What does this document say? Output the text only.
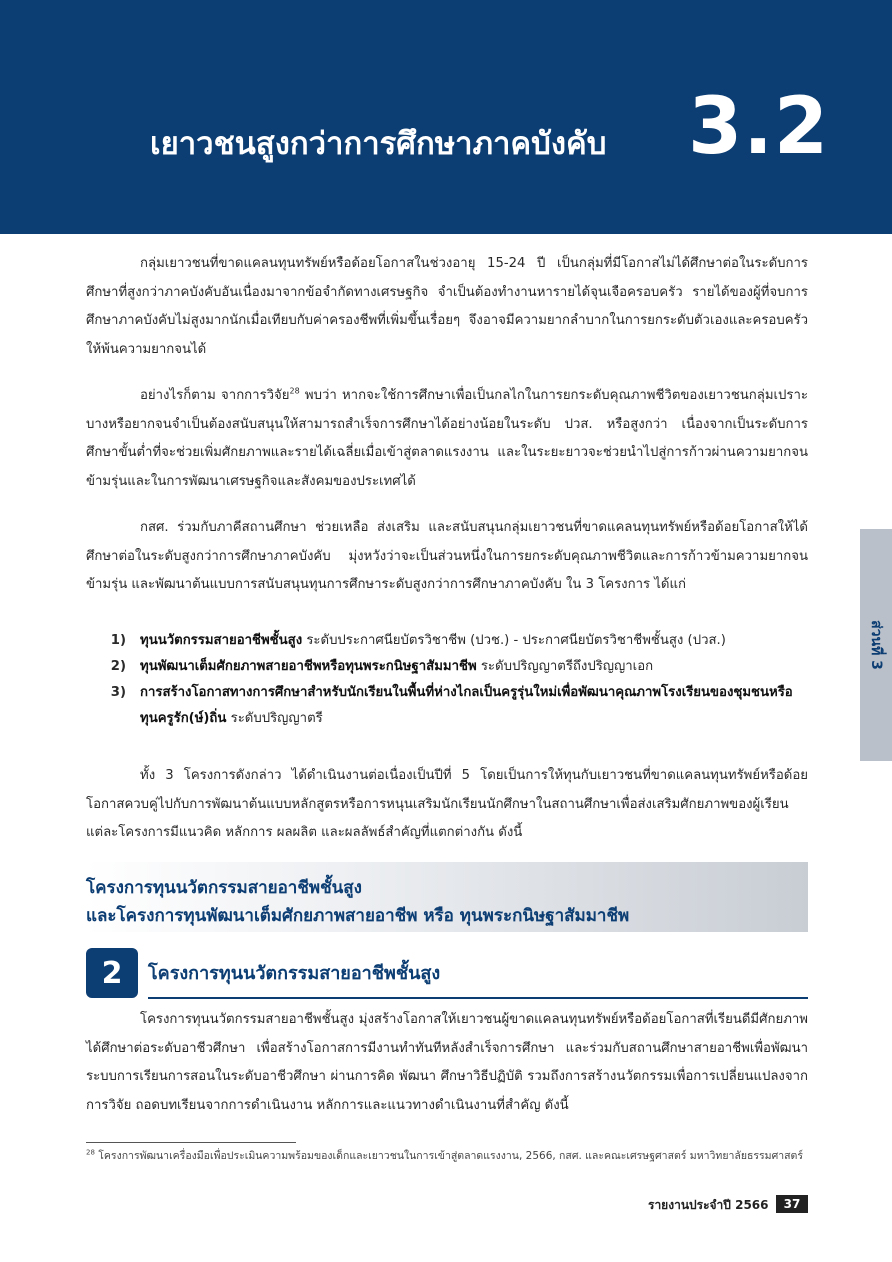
เยาวชนสูงกว่าการศึกษาภาคบังคับ 3.2
กลุ่มเยาวชนที่ขาดแคลนทุนทรัพย์หรือด้อยโอกาสในช่วงอายุ 15-24 ปี เป็นกลุ่มที่มีโอกาสไม่ได้ศึกษาต่อในระดับการศึกษาที่สูงกว่าภาคบังคับอันเนื่องมาจากข้อจำกัดทางเศรษฐกิจ จำเป็นต้องทำงานหารายได้จุนเจือครอบครัว รายได้ของผู้ที่จบการศึกษาภาคบังคับไม่สูงมากนักเมื่อเทียบกับค่าครองชีพที่เพิ่มขึ้นเรื่อยๆ จึงอาจมีความยากลำบากในการยกระดับตัวเองและครอบครัวให้พ้นความยากจนได้
อย่างไรก็ตาม จากการวิจัย$^{28}$ พบว่า หากจะใช้การศึกษาเพื่อเป็นกลไกในการยกระดับคุณภาพชีวิตของเยาวชนกลุ่มเปราะบางหรือยากจนจำเป็นต้องสนับสนุนให้สามารถสำเร็จการศึกษาได้อย่างน้อยในระดับ ปวส. หรือสูงกว่า เนื่องจากเป็นระดับการศึกษาขั้นต่ำที่จะช่วยเพิ่มศักยภาพและรายได้เฉลี่ยเมื่อเข้าสู่ตลาดแรงงาน และในระยะยาวจะช่วยนำไปสู่การก้าวผ่านความยากจนข้ามรุ่นและในการพัฒนาเศรษฐกิจและสังคมของประเทศได้
กสศ. ร่วมกับภาคีสถานศึกษา ช่วยเหลือ ส่งเสริม และสนับสนุนกลุ่มเยาวชนที่ขาดแคลนทุนทรัพย์หรือด้อยโอกาสให้ได้ศึกษาต่อในระดับสูงกว่าการศึกษาภาคบังคับ มุ่งหวังว่าจะเป็นส่วนหนึ่งในการยกระดับคุณภาพชีวิตและการก้าวข้ามความยากจนข้ามรุ่น และพัฒนาต้นแบบการสนับสนุนทุนการศึกษาระดับสูงกว่าการศึกษาภาคบังคับ ใน 3 โครงการ ได้แก่
1)	ทุนนวัตกรรมสายอาชีพชั้นสูง ระดับประกาศนียบัตรวิชาชีพ (ปวช.) - ประกาศนียบัตรวิชาชีพชั้นสูง (ปวส.)
2)	ทุนพัฒนาเต็มศักยภาพสายอาชีพหรือทุนพระกนิษฐาสัมมาชีพ ระดับปริญญาตรีถึงปริญญาเอก
3)	การสร้างโอกาสทางการศึกษาสำหรับนักเรียนในพื้นที่ห่างไกลเป็นครูรุ่นใหม่เพื่อพัฒนาคุณภาพโรงเรียนของชุมชนหรือทุนครูรัก(ษ์)ถิ่น ระดับปริญญาตรี
ทั้ง 3 โครงการดังกล่าว ได้ดำเนินงานต่อเนื่องเป็นปีที่ 5 โดยเป็นการให้ทุนกับเยาวชนที่ขาดแคลนทุนทรัพย์หรือด้อยโอกาสควบคู่ไปกับการพัฒนาต้นแบบหลักสูตรหรือการหนุนเสริมนักเรียนนักศึกษาในสถานศึกษาเพื่อส่งเสริมศักยภาพของผู้เรียน แต่ละโครงการมีแนวคิด หลักการ ผลผลิต และผลลัพธ์สำคัญที่แตกต่างกัน ดังนี้
ส่วนที่ 3
โครงการทุนนวัตกรรมสายอาชีพชั้นสูง
และโครงการทุนพัฒนาเต็มศักยภาพสายอาชีพ หรือ ทุนพระกนิษฐาสัมมาชีพ
2	โครงการทุนนวัตกรรมสายอาชีพชั้นสูง
โครงการทุนนวัตกรรมสายอาชีพชั้นสูง มุ่งสร้างโอกาสให้เยาวชนผู้ขาดแคลนทุนทรัพย์หรือด้อยโอกาสที่เรียนดีมีศักยภาพได้ศึกษาต่อระดับอาชีวศึกษา เพื่อสร้างโอกาสการมีงานทำทันทีหลังสำเร็จการศึกษา และร่วมกับสถานศึกษาสายอาชีพเพื่อพัฒนาระบบการเรียนการสอนในระดับอาชีวศึกษา ผ่านการคิด พัฒนา ศึกษาวิธีปฏิบัติ รวมถึงการสร้างนวัตกรรมเพื่อการเปลี่ยนแปลงจากการวิจัย ถอดบทเรียนจากการดำเนินงาน หลักการและแนวทางดำเนินงานที่สำคัญ ดังนี้
$^{28}$ โครงการพัฒนาเครื่องมือเพื่อประเมินความพร้อมของเด็กและเยาวชนในการเข้าสู่ตลาดแรงงาน, 2566, กสศ. และคณะเศรษฐศาสตร์ มหาวิทยาลัยธรรมศาสตร์
รายงานประจำปี 2566	37
